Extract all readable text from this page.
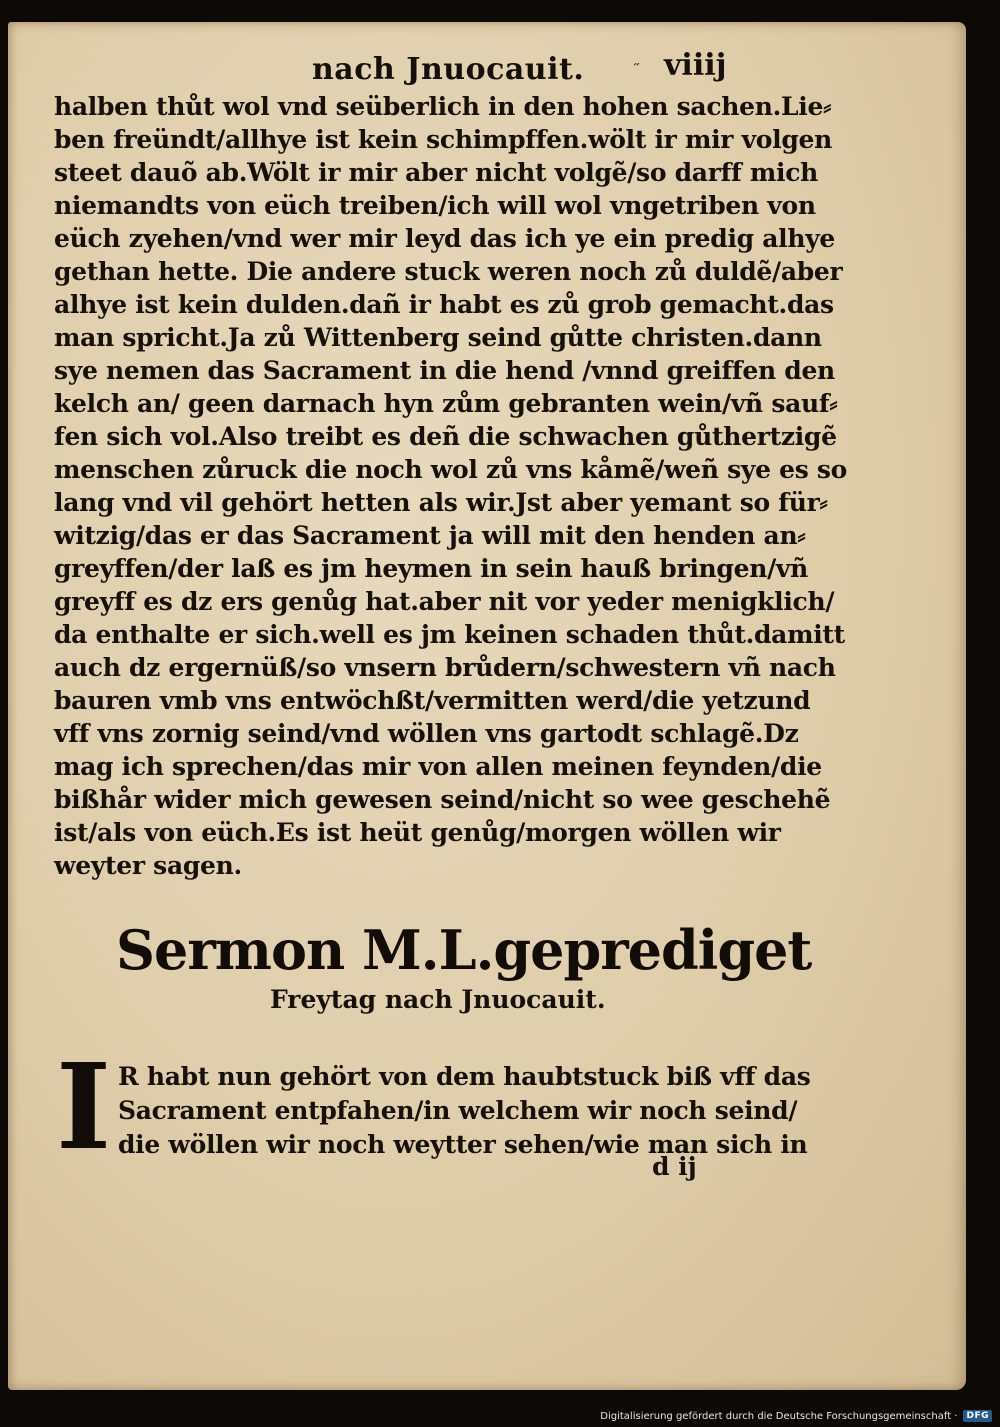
nach Jnuocauit.	˶ viiij
halben thůt wol vnd seüberlich in den hohen sachen.Lie⸗
ben freündt/allhye ist kein schimpffen.wölt ir mir volgen
steet dauõ ab.Wölt ir mir aber nicht volgẽ/so darff mich
niemandts von eüch treiben/ich will wol vngetriben von
eüch zyehen/vnd wer mir leyd das ich ye ein predig alhye
gethan hette. Die andere stuck weren noch zů duldẽ/aber
alhye ist kein dulden.dañ ir habt es zů grob gemacht.das
man spricht.Ja zů Wittenberg seind gůtte christen.dann
sye nemen das Sacrament in die hend /vnnd greiffen den
kelch an/ geen darnach hyn zům gebranten wein/vñ sauf⸗
fen sich vol.Also treibt es deñ die schwachen gůthertzigẽ
menschen zůruck die noch wol zů vns kåmẽ/weñ sye es so
lang vnd vil gehört hetten als wir.Jst aber yemant so für⸗
witzig/das er das Sacrament ja will mit den henden an⸗
greyffen/der laß es jm heymen in sein hauß bringen/vñ
greyff es dz ers genůg hat.aber nit vor yeder menigklich/
da enthalte er sich.well es jm keinen schaden thůt.damitt
auch dz ergernüß/so vnsern brůdern/schwestern vñ nach
bauren vmb vns entwöchßt/vermitten werd/die yetzund
vff vns zornig seind/vnd wöllen vns gartodt schlagẽ.Dz
mag ich sprechen/das mir von allen meinen feynden/die
bißhår wider mich gewesen seind/nicht so wee geschehẽ
ist/als von eüch.Es ist heüt genůg/morgen wöllen wir
weyter sagen.
Sermon M.L.geprediget
Freytag nach Jnuocauit.
I R habt nun gehört von dem haubtstuck biß vff das
Sacrament entpfahen/in welchem wir noch seind/
die wöllen wir noch weytter sehen/wie man sich in
d ij
Digitalisierung gefördert durch die Deutsche Forschungsgemeinschaft ·	DFG
